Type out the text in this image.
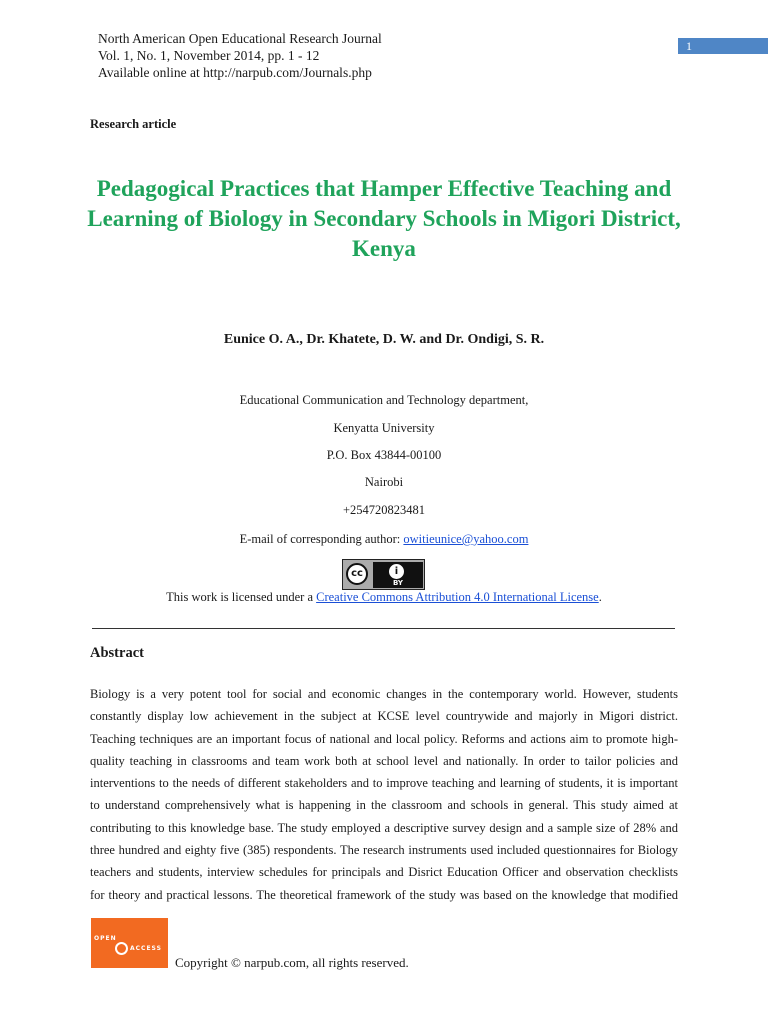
North American Open Educational Research Journal
Vol. 1, No. 1, November 2014, pp. 1 - 12
Available online at http://narpub.com/Journals.php
1
Research article
Pedagogical Practices that Hamper Effective Teaching and Learning of Biology in Secondary Schools in Migori District, Kenya
Eunice O. A., Dr. Khatete, D. W. and Dr. Ondigi, S. R.
Educational Communication and Technology department,
Kenyatta University
P.O. Box 43844-00100
Nairobi
+254720823481
E-mail of corresponding author: owitieunice@yahoo.com
cc	i
BY
This work is licensed under a Creative Commons Attribution 4.0 International License.
Abstract
Biology is a very potent tool for social and economic changes in the contemporary world. However, students
constantly display low achievement in the subject at KCSE level countrywide and majorly in Migori district.
Teaching techniques are an important focus of national and local policy. Reforms and actions aim to promote high-
quality teaching in classrooms and team work both at school level and nationally. In order to tailor policies and
interventions to the needs of different stakeholders and to improve teaching and learning of students, it is important
to understand comprehensively what is happening in the classroom and schools in general. This study aimed at
contributing to this knowledge base. The study employed a descriptive survey design and a sample size of 28% and
three hundred and eighty five (385) respondents. The research instruments used included questionnaires for Biology
teachers and students, interview schedules for principals and Disrict Education Officer and observation checklists
for theory and practical lessons. The theoretical framework of the study was based on the knowledge that modified
OPEN
ACCESS
Copyright © narpub.com, all rights reserved.
